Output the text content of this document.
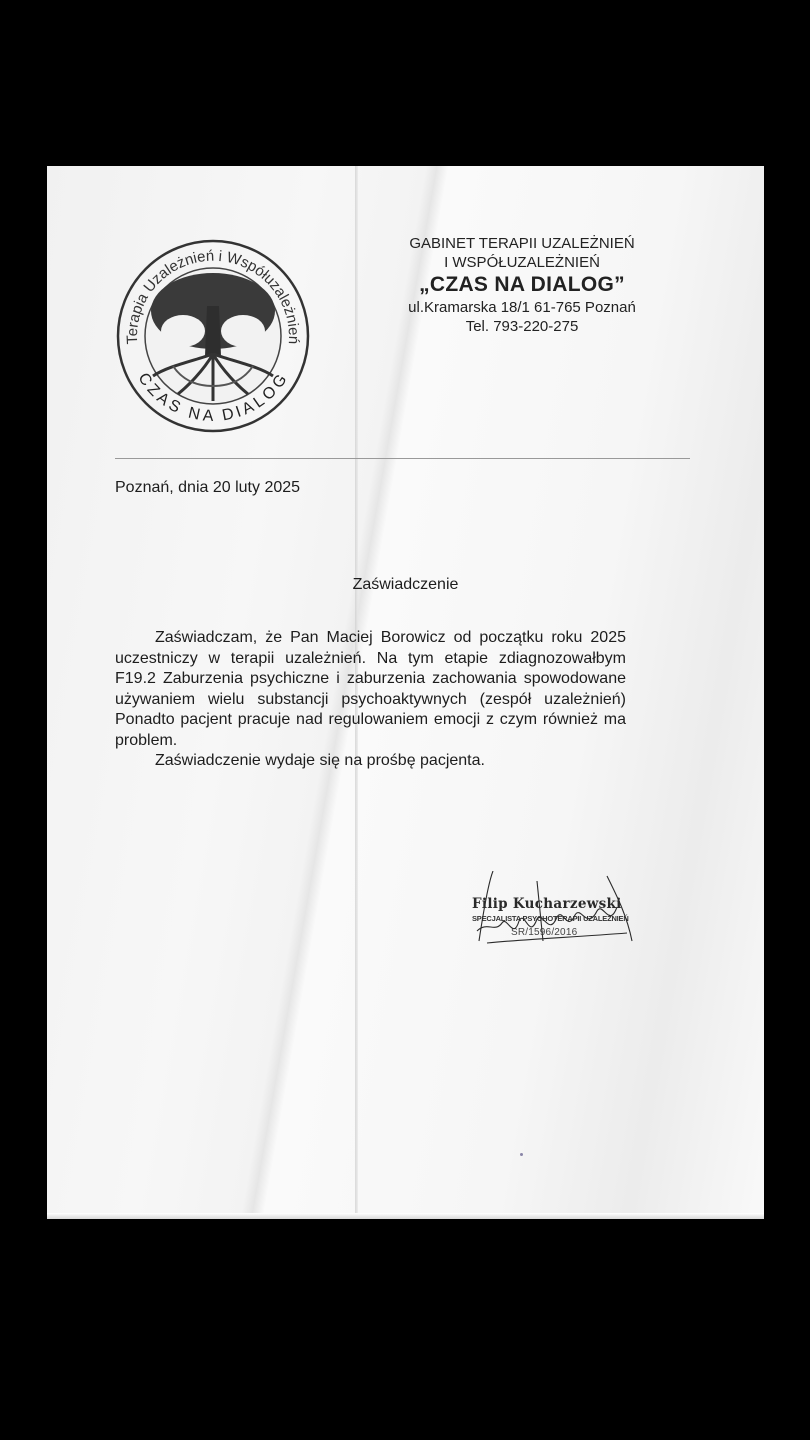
Terapia Uzależnień i Współuzależnień
CZAS NA DIALOG
GABINET TERAPII UZALEŻNIEŃ
I WSPÓŁUZALEŻNIEŃ
„CZAS NA DIALOG”
ul.Kramarska 18/1 61-765 Poznań
Tel. 793-220-275
Poznań, dnia 20 luty 2025
Zaświadczenie
Zaświadczam, że Pan Maciej Borowicz od początku roku 2025 uczestniczy w terapii uzależnień. Na tym etapie zdiagnozowałbym F19.2 Zaburzenia psychiczne i zaburzenia zachowania spowodowane używaniem wielu substancji psychoaktywnych (zespół uzależnień) Ponadto pacjent pracuje nad regulowaniem emocji z czym również ma problem.
Zaświadczenie wydaje się na prośbę pacjenta.
Filip Kucharzewski
SPECJALISTA PSYCHOTERAPII UZALEŻNIEŃ
SR/1596/2016
